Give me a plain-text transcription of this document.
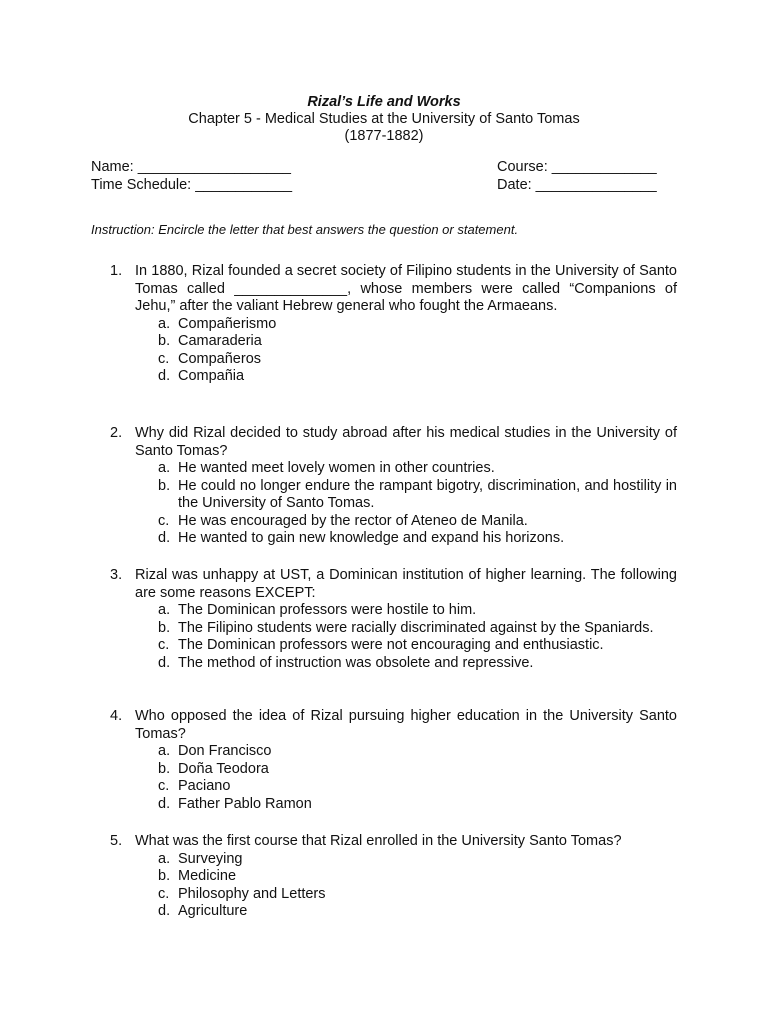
Rizal’s Life and Works
Chapter 5 - Medical Studies at the University of Santo Tomas
(1877-1882)
Name: ___________________
Time Schedule: ____________
Course: _____________
Date: _______________
Instruction: Encircle the letter that best answers the question or statement.
1. In 1880, Rizal founded a secret society of Filipino students in the University of Santo Tomas called ______________, whose members were called “Companions of Jehu,” after the valiant Hebrew general who fought the Armaeans.
a. Compañerismo
b. Camaraderia
c. Compañeros
d. Compañia
2. Why did Rizal decided to study abroad after his medical studies in the University of Santo Tomas?
a. He wanted meet lovely women in other countries.
b. He could no longer endure the rampant bigotry, discrimination, and hostility in the University of Santo Tomas.
c. He was encouraged by the rector of Ateneo de Manila.
d. He wanted to gain new knowledge and expand his horizons.
3. Rizal was unhappy at UST, a Dominican institution of higher learning. The following are some reasons EXCEPT:
a. The Dominican professors were hostile to him.
b. The Filipino students were racially discriminated against by the Spaniards.
c. The Dominican professors were not encouraging and enthusiastic.
d. The method of instruction was obsolete and repressive.
4. Who opposed the idea of Rizal pursuing higher education in the University Santo Tomas?
a. Don Francisco
b. Doña Teodora
c. Paciano
d. Father Pablo Ramon
5. What was the first course that Rizal enrolled in the University Santo Tomas?
a. Surveying
b. Medicine
c. Philosophy and Letters
d. Agriculture
